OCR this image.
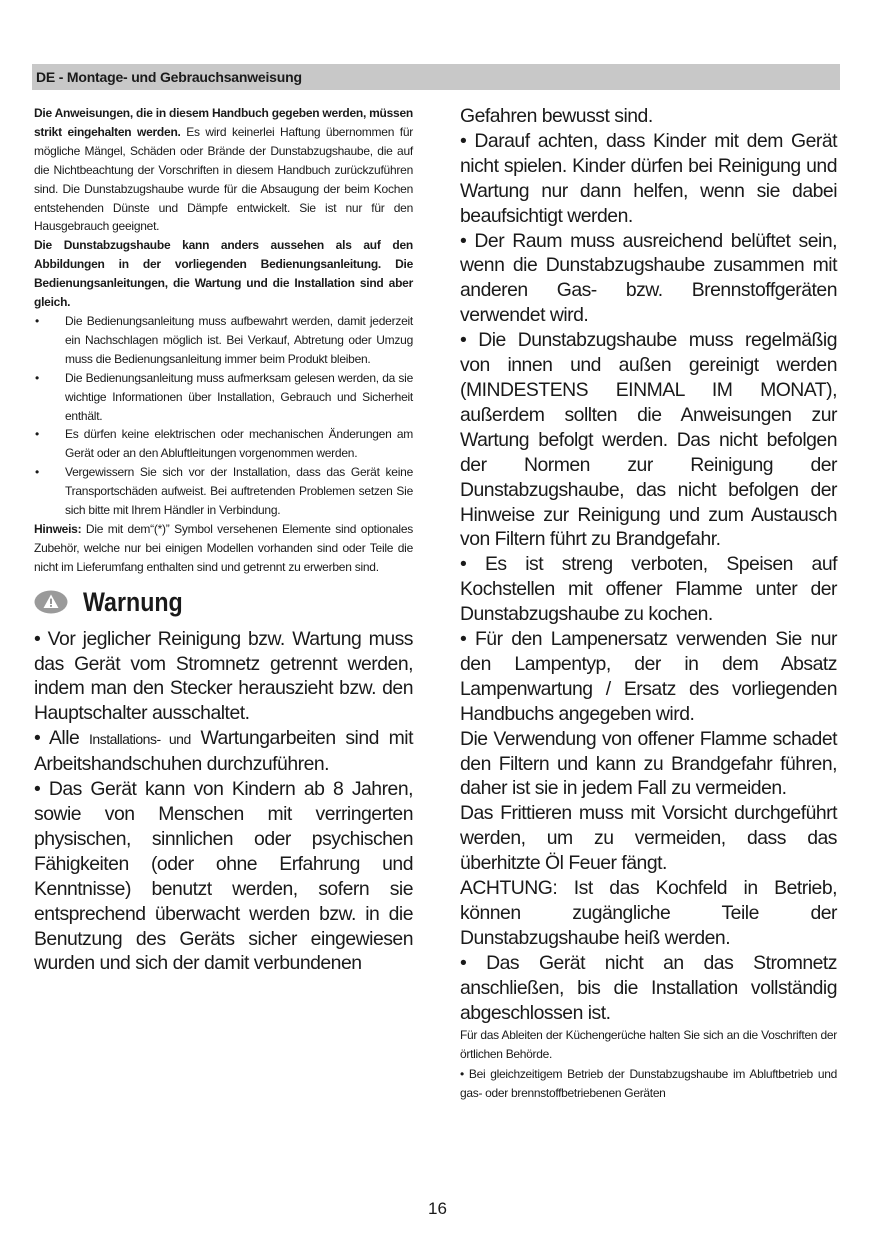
DE - Montage- und Gebrauchsanweisung

Die Anweisungen, die in diesem Handbuch gegeben werden, müssen strikt eingehalten werden. Es wird keinerlei Haftung übernommen für mögliche Mängel, Schäden oder Brände der Dunstabzugshaube, die auf die Nichtbeachtung der Vorschriften in diesem Handbuch zurückzuführen sind. Die Dunstabzugshaube wurde für die Absaugung der beim Kochen entstehenden Dünste und Dämpfe entwickelt. Sie ist nur für den Hausgebrauch geeignet.

Die Dunstabzugshaube kann anders aussehen als auf den Abbildungen in der vorliegenden Bedienungsanleitung. Die Bedienungsanleitungen, die Wartung und die Installation sind aber gleich.

• Die Bedienungsanleitung muss aufbewahrt werden, damit jederzeit ein Nachschlagen möglich ist. Bei Verkauf, Abtretung oder Umzug muss die Bedienungsanleitung immer beim Produkt bleiben.
• Die Bedienungsanleitung muss aufmerksam gelesen werden, da sie wichtige Informationen über Installation, Gebrauch und Sicherheit enthält.
• Es dürfen keine elektrischen oder mechanischen Änderungen am Gerät oder an den Abluftleitungen vorgenommen werden.
• Vergewissern Sie sich vor der Installation, dass das Gerät keine Transportschäden aufweist. Bei auftretenden Problemen setzen Sie sich bitte mit Ihrem Händler in Verbindung.

Hinweis: Die mit dem“(*)” Symbol versehenen Elemente sind optionales Zubehör, welche nur bei einigen Modellen vorhanden sind oder Teile die nicht im Lieferumfang enthalten sind und getrennt zu erwerben sind.

Warnung

• Vor jeglicher Reinigung bzw. Wartung muss das Gerät vom Stromnetz getrennt werden, indem man den Stecker herauszieht bzw. den Hauptschalter ausschaltet.

• Alle Installations- und Wartungarbeiten sind mit Arbeitshandschuhen durchzuführen.

• Das Gerät kann von Kindern ab 8 Jahren, sowie von Menschen mit verringerten physischen, sinnlichen oder psychischen Fähigkeiten (oder ohne Erfahrung und Kenntnisse) benutzt werden, sofern sie entsprechend überwacht werden bzw. in die Benutzung des Geräts sicher eingewiesen wurden und sich der damit verbundenen

Gefahren bewusst sind.

• Darauf achten, dass Kinder mit dem Gerät nicht spielen. Kinder dürfen bei Reinigung und Wartung nur dann helfen, wenn sie dabei beaufsichtigt werden.

• Der Raum muss ausreichend belüftet sein, wenn die Dunstabzugshaube zusammen mit anderen Gas- bzw. Brennstoffgeräten verwendet wird.

• Die Dunstabzugshaube muss regelmäßig von innen und außen gereinigt werden (MINDESTENS EINMAL IM MONAT), außerdem sollten die Anweisungen zur Wartung befolgt werden. Das nicht befolgen der Normen zur Reinigung der Dunstabzugshaube, das nicht befolgen der Hinweise zur Reinigung und zum Austausch von Filtern führt zu Brandgefahr.

• Es ist streng verboten, Speisen auf Kochstellen mit offener Flamme unter der Dunstabzugshaube zu kochen.

• Für den Lampenersatz verwenden Sie nur den Lampentyp, der in dem Absatz Lampenwartung / Ersatz des vorliegenden Handbuchs angegeben wird.

Die Verwendung von offener Flamme schadet den Filtern und kann zu Brandgefahr führen, daher ist sie in jedem Fall zu vermeiden.

Das Frittieren muss mit Vorsicht durchgeführt werden, um zu vermeiden, dass das überhitzte Öl Feuer fängt.

ACHTUNG: Ist das Kochfeld in Betrieb, können zugängliche Teile der Dunstabzugshaube heiß werden.

• Das Gerät nicht an das Stromnetz anschließen, bis die Installation vollständig abgeschlossen ist.

Für das Ableiten der Küchengerüche halten Sie sich an die Voschriften der örtlichen Behörde.

• Bei gleichzeitigem Betrieb der Dunstabzugshaube im Abluftbetrieb und gas- oder brennstoffbetriebenen Geräten

16
